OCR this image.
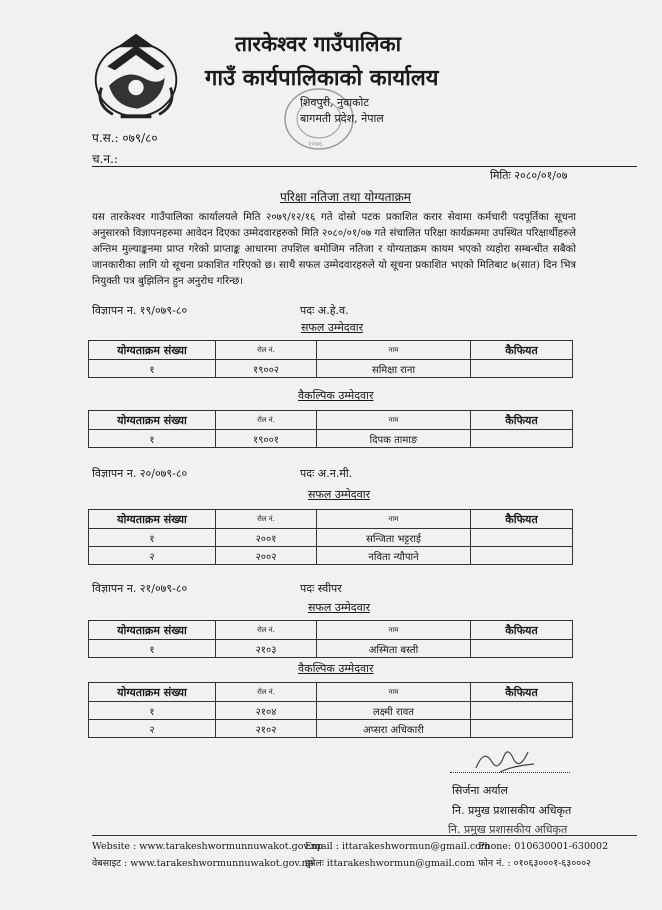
तारकेश्वर गाउँपालिका
गाउँ कार्यपालिकाको कार्यालय
२०७६
शिवपुरी, नुवाकोट
बागमती प्रदेश, नेपाल
प.स.: ०७९/८०
च.न.:
मितिः २०८०/०१/०७
परिक्षा नतिजा तथा योग्यताक्रम
यस तारकेश्वर गाउँपालिका कार्यालयले मिति २०७९/१२/१६ गते दोस्रो पटक प्रकाशित करार सेवामा कर्मचारी पदपूर्तिका सूचना अनुसारको विज्ञापनहरुमा आवेदन दिएका उम्मेदवारहरुको मिति २०८०/०१/०७ गते संचालित परिक्षा कार्यक्रममा उपस्थित परिक्षार्थीहरुले अन्तिम मुल्याङ्कनमा प्राप्त गरेको प्राप्ताङ्क आधारमा तपशिल बमोजिम नतिजा र योग्यताक्रम कायम भएको व्यहोरा सम्बन्धीत सबैको जानकारीका लागि यो सूचना प्रकाशित गरिएको छ। साथै सफल उम्मेदवारहरुले यो सूचना प्रकाशित भएको मितिबाट ७(सात) दिन भित्र नियुक्ती पत्र बुझिलिन हुन अनुरोध गरिन्छ।
विज्ञापन न. १९/०७९-८०	पदः अ.हे.व.
सफल उम्मेदवार
योग्यताक्रम संख्या	रोल नं.	नाम	कैफियत
१	१९००२	समिक्षा राना	
वैकल्पिक उम्मेदवार
योग्यताक्रम संख्या	रोल नं.	नाम	कैफियत
१	१९००१	दिपक तामाङ	
विज्ञापन न. २०/०७९-८०	पदः अ.न.मी.
सफल उम्मेदवार
योग्यताक्रम संख्या	रोल नं.	नाम	कैफियत
१	२००१	सन्जिता भट्टराई	
२	२००२	नविता न्यौपाने	
विज्ञापन न. २१/०७९-८०	पदः स्वीपर
सफल उम्मेदवार
योग्यताक्रम संख्या	रोल नं.	नाम	कैफियत
१	२१०३	अस्मिता बस्ती	
वैकल्पिक उम्मेदवार
योग्यताक्रम संख्या	रोल नं.	नाम	कैफियत
१	२१०४	लक्ष्मी रावत	
२	२१०२	अप्सरा अधिकारी	
सिर्जना अर्याल
नि. प्रमुख प्रशासकीय अधिकृत
नि. प्रमुख प्रशासकीय अधिकृत
Website : www.tarakeshwormunnuwakot.gov.np Email : ittarakeshwormun@gmail.com Phone: 010630001-630002
वेबसाइट : www.tarakeshwormunnuwakot.gov.np इमेलः ittarakeshwormun@gmail.com फोन नं. : ०१०६३०००१-६३०००२
